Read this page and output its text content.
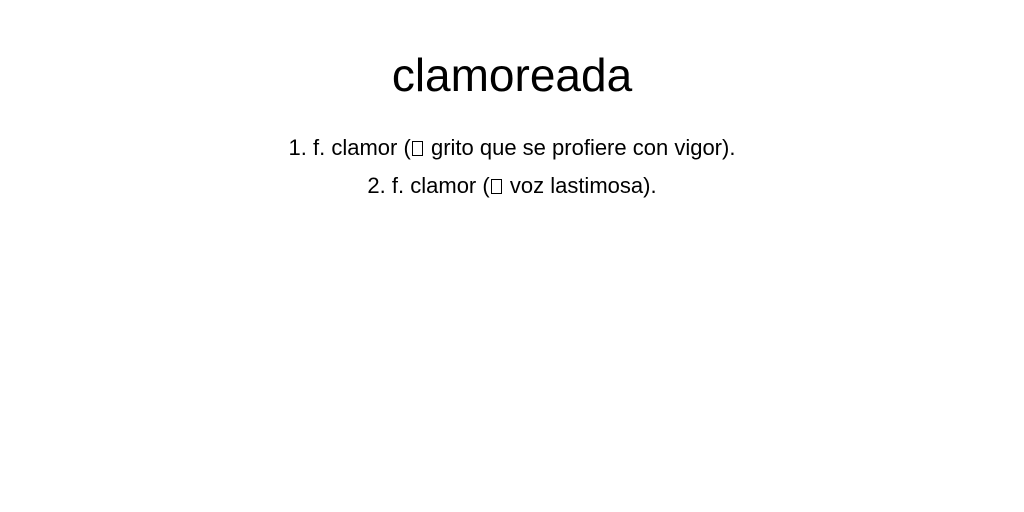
clamoreada
1. f. clamor ( grito que se profiere con vigor).
2. f. clamor ( voz lastimosa).
